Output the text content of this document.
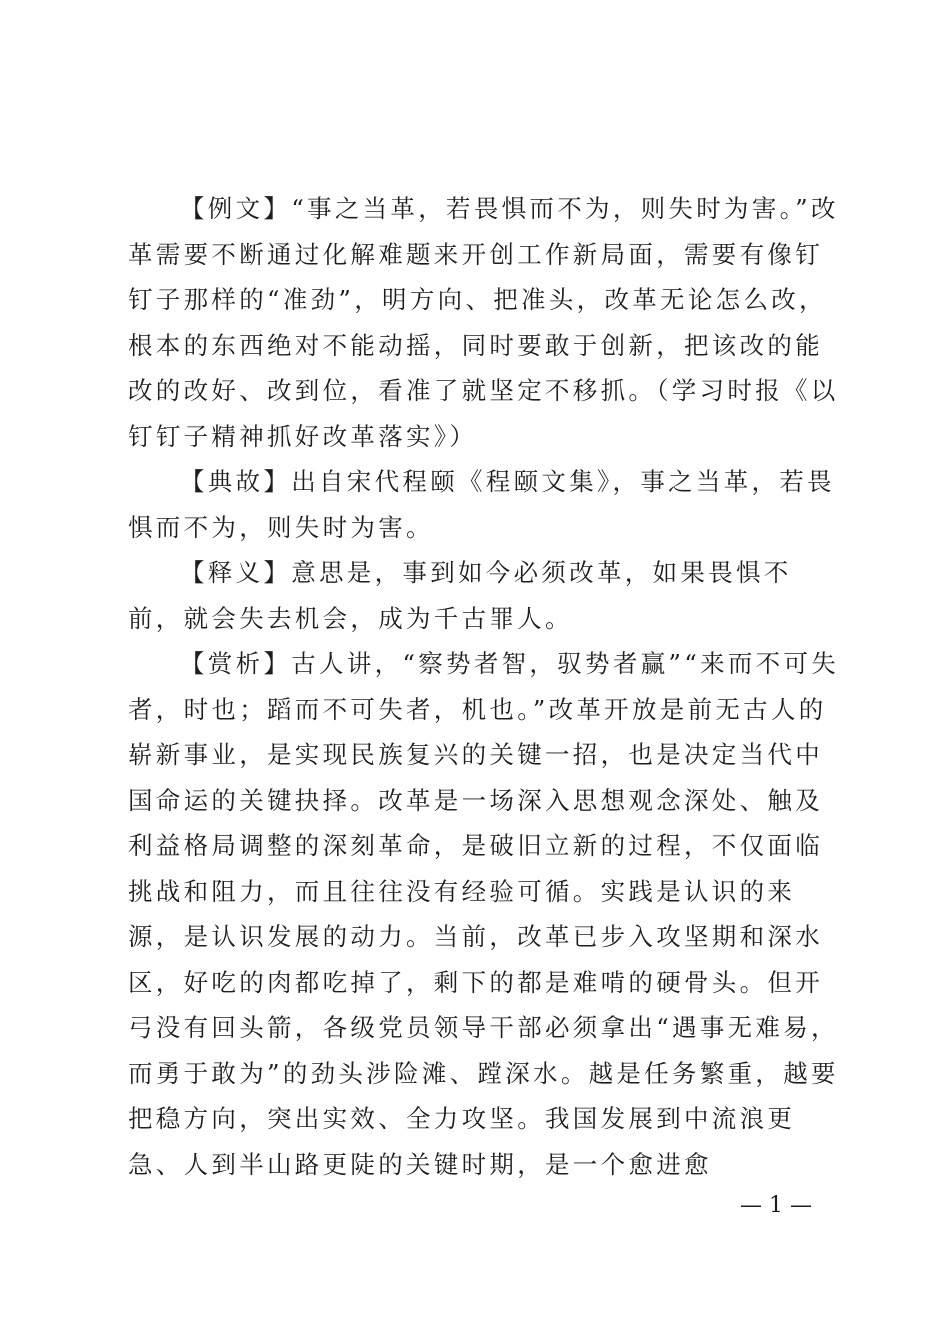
【例文】“事之当革，若畏惧而不为，则失时为害。”改革需要不断通过化解难题来开创工作新局面，需要有像钉钉子那样的“准劲”，明方向、把准头，改革无论怎么改，根本的东西绝对不能动摇，同时要敢于创新，把该改的能改的改好、改到位，看准了就坚定不移抓。（学习时报《以钉钉子精神抓好改革落实》）

【典故】出自宋代程颐《程颐文集》，事之当革，若畏惧而不为，则失时为害。

【释义】意思是，事到如今必须改革，如果畏惧不前，就会失去机会，成为千古罪人。

【赏析】古人讲，“察势者智，驭势者赢”“来而不可失者，时也；蹈而不可失者，机也。”改革开放是前无古人的崭新事业，是实现民族复兴的关键一招，也是决定当代中国命运的关键抉择。改革是一场深入思想观念深处、触及利益格局调整的深刻革命，是破旧立新的过程，不仅面临挑战和阻力，而且往往没有经验可循。实践是认识的来源，是认识发展的动力。当前，改革已步入攻坚期和深水区，好吃的肉都吃掉了，剩下的都是难啃的硬骨头。但开弓没有回头箭，各级党员领导干部必须拿出“遇事无难易，而勇于敢为”的劲头涉险滩、蹚深水。越是任务繁重，越要把稳方向，突出实效、全力攻坚。我国发展到中流浪更急、人到半山路更陡的关键时期，是一个愈进愈

— 1 —
